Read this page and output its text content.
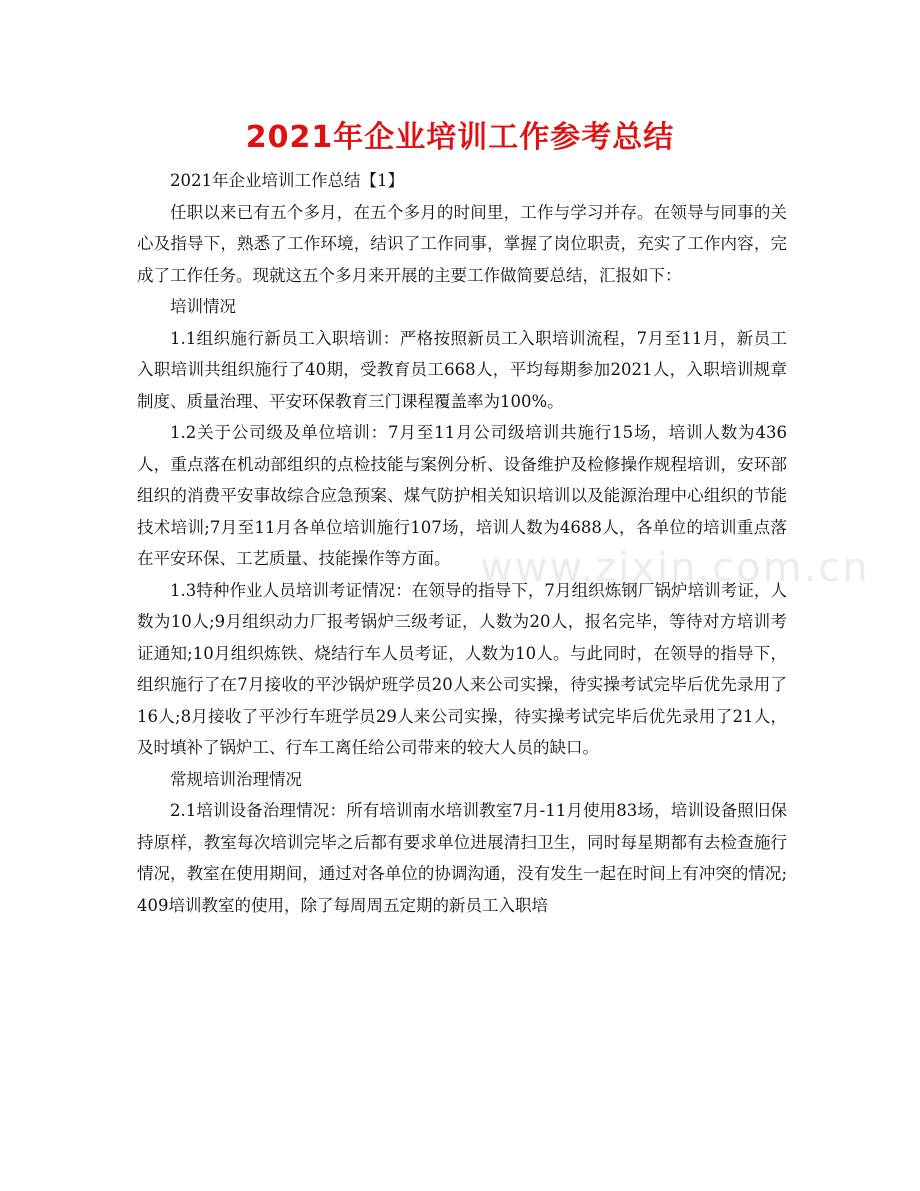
2021年企业培训工作参考总结
www.zixin.com.cn

2021年企业培训工作总结【1】

任职以来已有五个多月，在五个多月的时间里，工作与学习并存。在领导与同事的关心及指导下，熟悉了工作环境，结识了工作同事，掌握了岗位职责，充实了工作内容，完成了工作任务。现就这五个多月来开展的主要工作做简要总结，汇报如下：

培训情况

1.1组织施行新员工入职培训：严格按照新员工入职培训流程，7月至11月，新员工入职培训共组织施行了40期，受教育员工668人，平均每期参加2021人，入职培训规章制度、质量治理、平安环保教育三门课程覆盖率为100%。

1.2关于公司级及单位培训：7月至11月公司级培训共施行15场，培训人数为436人，重点落在机动部组织的点检技能与案例分析、设备维护及检修操作规程培训，安环部组织的消费平安事故综合应急预案、煤气防护相关知识培训以及能源治理中心组织的节能技术培训;7月至11月各单位培训施行107场，培训人数为4688人，各单位的培训重点落在平安环保、工艺质量、技能操作等方面。

1.3特种作业人员培训考证情况：在领导的指导下，7月组织炼钢厂锅炉培训考证，人数为10人;9月组织动力厂报考锅炉三级考证，人数为20人，报名完毕，等待对方培训考证通知;10月组织炼铁、烧结行车人员考证，人数为10人。与此同时，在领导的指导下，组织施行了在7月接收的平沙锅炉班学员20人来公司实操，待实操考试完毕后优先录用了16人;8月接收了平沙行车班学员29人来公司实操，待实操考试完毕后优先录用了21人，及时填补了锅炉工、行车工离任给公司带来的较大人员的缺口。

常规培训治理情况

2.1培训设备治理情况：所有培训南水培训教室7月-11月使用83场，培训设备照旧保持原样，教室每次培训完毕之后都有要求单位进展清扫卫生，同时每星期都有去检查施行情况，教室在使用期间，通过对各单位的协调沟通，没有发生一起在时间上有冲突的情况;409培训教室的使用，除了每周周五定期的新员工入职培
